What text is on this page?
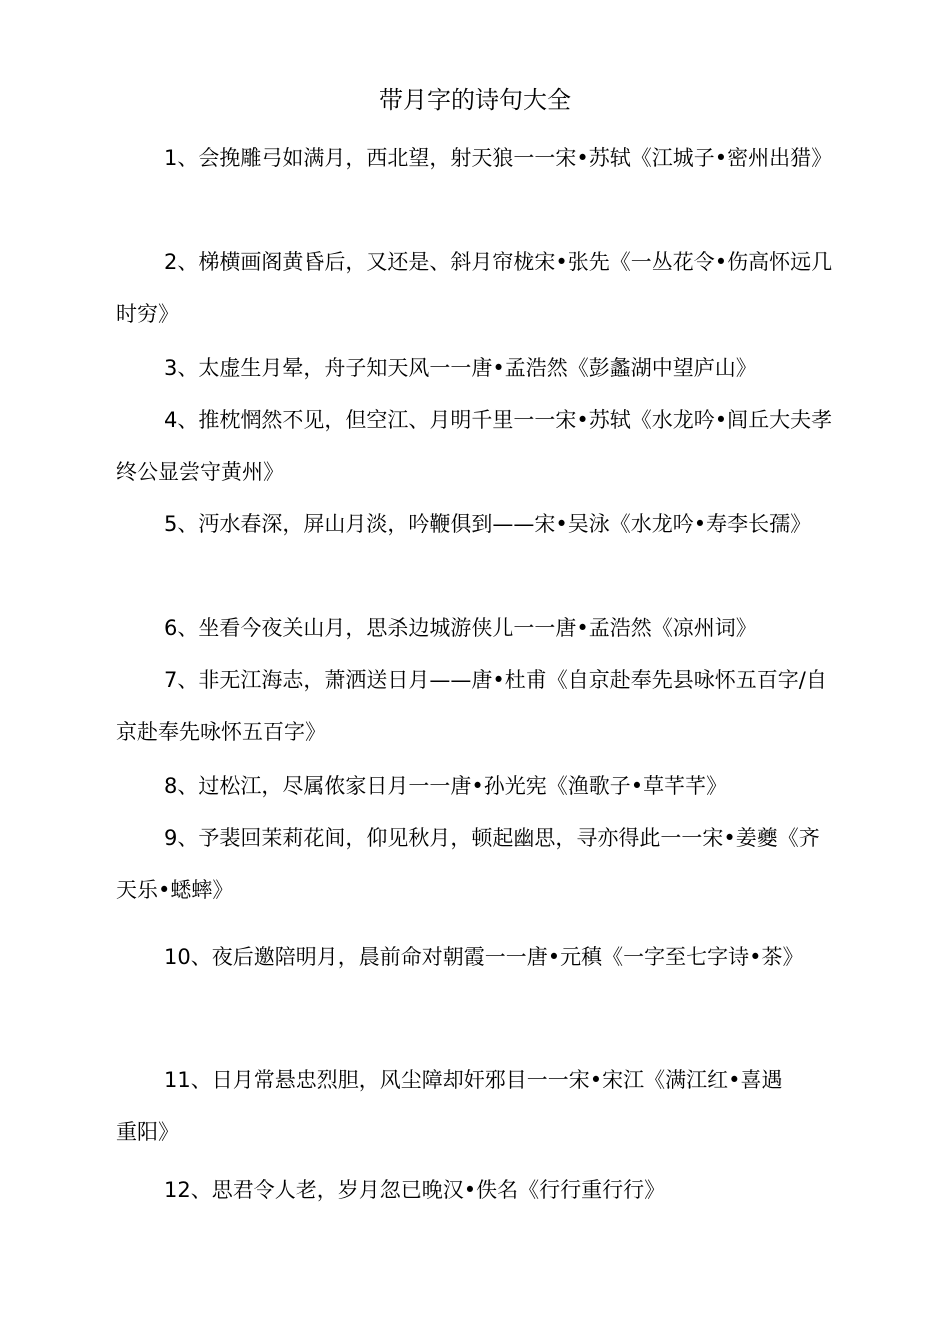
带月字的诗句大全
1、会挽雕弓如满月，西北望，射天狼一一宋•苏轼《江城子•密州出猎》
2、梯横画阁黄昏后，又还是、斜月帘栊宋•张先《一丛花令•伤高怀远几时穷》
3、太虚生月晕，舟子知天风一一唐•孟浩然《彭蠡湖中望庐山》
4、推枕惘然不见，但空江、月明千里一一宋•苏轼《水龙吟•闾丘大夫孝终公显尝守黄州》
5、沔水春深，屏山月淡，吟鞭俱到——宋•吴泳《水龙吟•寿李长孺》
6、坐看今夜关山月，思杀边城游侠儿一一唐•孟浩然《凉州词》
7、非无江海志，萧洒送日月——唐•杜甫《自京赴奉先县咏怀五百字/自京赴奉先咏怀五百字》
8、过松江，尽属侬家日月一一唐•孙光宪《渔歌子•草芊芊》
9、予裴回茉莉花间，仰见秋月，顿起幽思，寻亦得此一一宋•姜夔《齐天乐•蟋蟀》
10、夜后邀陪明月，晨前命对朝霞一一唐•元稹《一字至七字诗•茶》
11、日月常悬忠烈胆，风尘障却奸邪目一一宋•宋江《满江红•喜遇重阳》
12、思君令人老，岁月忽已晚汉•佚名《行行重行行》
